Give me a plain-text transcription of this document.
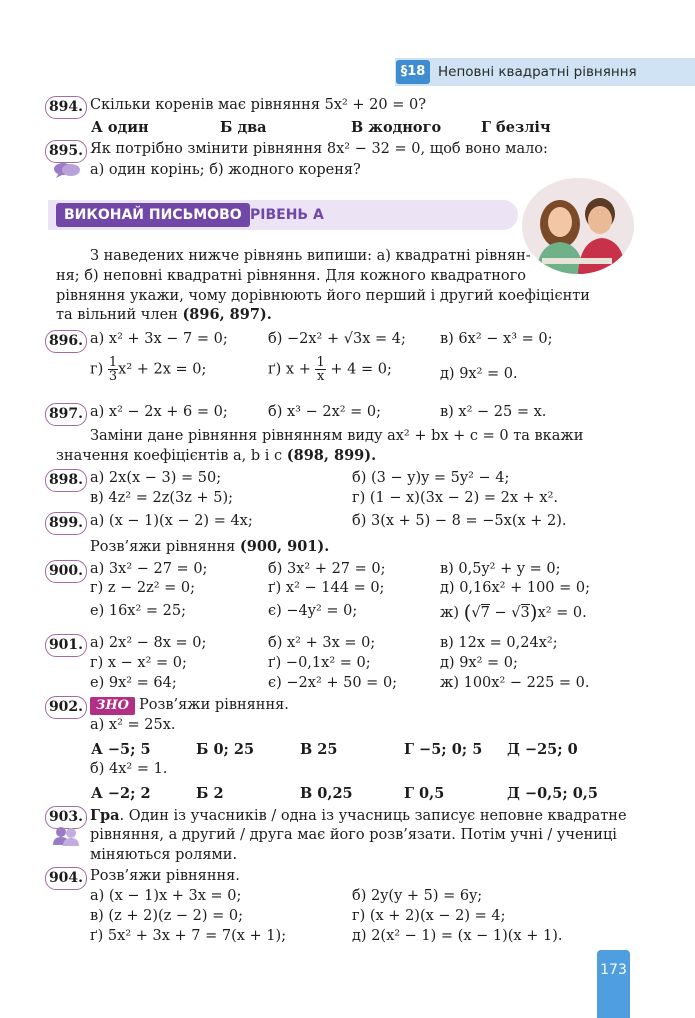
§18 Неповні квадратні рівняння
894. Скільки коренів має рівняння 5x² + 20 = 0?
А один	Б два	В жодного	Г безліч
895. Як потрібно змінити рівняння 8x² − 32 = 0, щоб воно мало:
а) один корінь; б) жодного кореня?
ВИКОНАЙ ПИСЬМОВО РІВЕНЬ А
З наведених нижче рівнянь випиши: а) квадратні рівнян-
ня; б) неповні квадратні рівняння. Для кожного квадратного
рівняння укажи, чому дорівнюють його перший і другий коефіцієнти
та вільний член (896, 897).
896. а) x² + 3x − 7 = 0;	б) −2x² + √3x = 4; в) 6x² − x³ = 0;
$г) \frac{1}{3} x^2 + 2x = 0$;	ґ) $x + \frac{1}{x} + 4 = 0$;	д) 9x² = 0.
897. а) x² − 2x + 6 = 0;	б) x³ − 2x² = 0;	в) x² − 25 = x.
Заміни дане рівняння рівнянням виду ax² + bx + c = 0 та вкажи
значення коефіцієнтів a, b і c (898, 899).
898. а) 2x(x − 3) = 50;	б) (3 − y)y = 5y² − 4;
в) 4z² = 2z(3z + 5);	г) (1 − x)(3x − 2) = 2x + x².
899. а) (x − 1)(x − 2) = 4x;	б) 3(x + 5) − 8 = −5x(x + 2).
Розв’яжи рівняння (900, 901).
900. а) 3x² − 27 = 0;	б) 3x² + 27 = 0;	в) 0,5y² + y = 0;
г) z − 2z² = 0;	ґ) x² − 144 = 0;	д) 0,16x² + 100 = 0;
е) 16x² = 25;	є) −4y² = 0;	ж) (√7 − √3)x² = 0.
901. а) 2x² − 8x = 0;	б) x² + 3x = 0;	в) 12x = 0,24x²;
г) x − x² = 0;	ґ) −0,1x² = 0;	д) 9x² = 0;
е) 9x² = 64;	є) −2x² + 50 = 0;	ж) 100x² − 225 = 0.
902. ЗНО Розв’яжи рівняння.
а) x² = 25x.
А −5; 5	Б 0; 25	В 25	Г −5; 0; 5 Д −25; 0
б) 4x² = 1.
А −2; 2	Б 2	В 0,25	Г 0,5	Д −0,5; 0,5
903. Гра. Один із учасників / одна із учасниць записує неповне квадратне
рівняння, а другий / друга має його розв’язати. Потім учні / учениці
міняються ролями.
904. Розв’яжи рівняння.
а) (x − 1)x + 3x = 0;	б) 2y(y + 5) = 6y;
в) (z + 2)(z − 2) = 0;	г) (x + 2)(x − 2) = 4;
ґ) 5x² + 3x + 7 = 7(x + 1);	д) 2(x² − 1) = (x − 1)(x + 1).
173
